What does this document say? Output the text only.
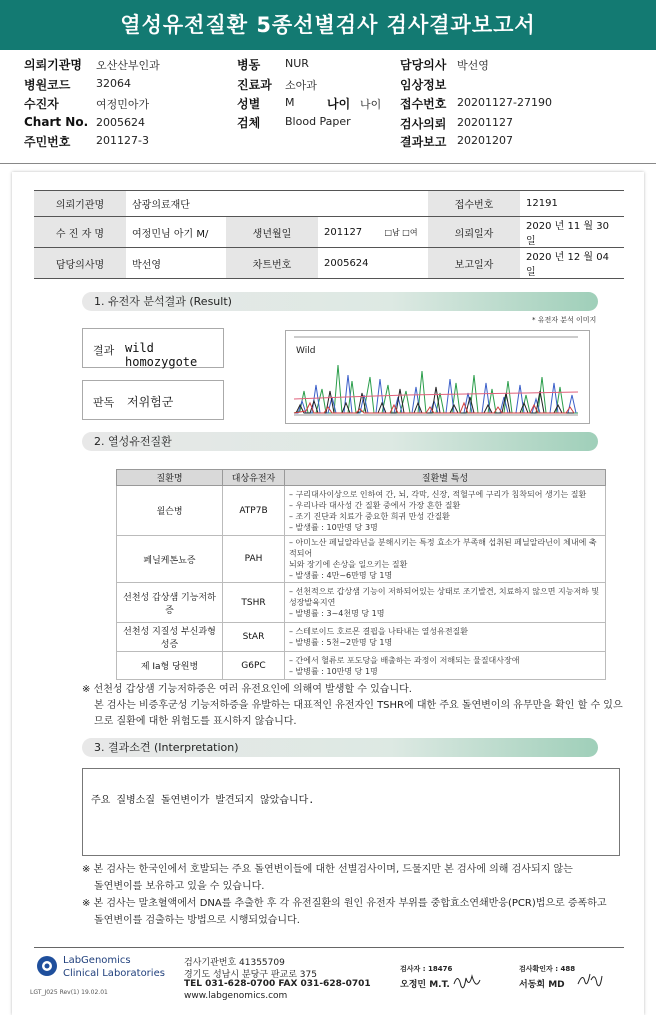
열성유전질환 5종선별검사 검사결과보고서
의뢰기관명 오산산부인과
병원코드 32064
수진자	여정민아가
Chart No. 2005624
주민번호 201127-3
병동 NUR
진료과 소아과
성별 M	나이 나이
검체 Blood Paper
담당의사 박선영
임상정보
접수번호 20201127-27190
검사의뢰 20201127
결과보고 20201207
의뢰기관명	삼광의료재단			접수번호	12191
수 진 자 명	여정민님 아기 M/	생년월일	201127 □남 □여	의뢰일자	2020 년 11 월 30 일
담당의사명	박선영	차트번호	2005624	보고일자	2020 년 12 월 04 일
1. 유전자 분석결과 (Result)
결과 wild homozygote
판독 저위험군
* 유전자 분석 이미지
Wild
2. 열성유전질환
질환명	대상유전자	질환별 특성
윌슨병	ATP7B	– 구리대사이상으로 인하여 간, 뇌, 각막, 신장, 적혈구에 구리가 침착되어 생기는 질환
– 우리나라 대사성 간 질환 중에서 가장 흔한 질환
– 조기 진단과 치료가 중요한 희귀 만성 간질환
– 발생률 : 10만명 당 3명

페닐케톤뇨증	PAH	– 아미노산 페닐알라닌을 분해시키는 특정 효소가 부족해 섭취된 페닐알라닌이 체내에 축적되어
뇌와 장기에 손상을 일으키는 질환
– 발생률 : 4만~6만명 당 1명

선천성 갑상샘 기능저하증	TSHR	– 선천적으로 갑상샘 기능이 저하되어있는 상태로 조기발견, 치료하지 않으면 지능저하 및
성장발육지연
– 발병률 : 3~4천명 당 1명

선천성 지질성 부신과형성증	StAR	– 스테로이드 호르몬 결핍을 나타내는 열성유전질환
– 발병률 : 5천~2만명 당 1명

제 Ia형 당원병	G6PC	– 간에서 혈류로 포도당을 배출하는 과정이 저해되는 물질대사장애
– 발병률 : 10만명 당 1명
※ 선천성 갑상샘 기능저하증은 여러 유전요인에 의해여 발생할 수 있습니다.
본 검사는 비증후군성 기능저하증을 유발하는 대표적인 유전자인 TSHR에 대한 주요 돌연변이의 유무만을 확인 할 수 있으
므로 질환에 대한 위험도를 표시하지 않습니다.
3. 결과소견 (Interpretation)
주요 질병소질 돌연변이가 발견되지 않았습니다.
※ 본 검사는 한국인에서 호발되는 주요 돌연변이들에 대한 선별검사이며, 드물지만 본 검사에 의해 검사되지 않는
돌연변이를 보유하고 있을 수 있습니다.
※ 본 검사는 말초혈액에서 DNA를 추출한 후 각 유전질환의 원인 유전자 부위를 중합효소연쇄반응(PCR)법으로 증폭하고
돌연변이를 검출하는 방법으로 시행되었습니다.
LabGenomics
Clinical Laboratories
검사기관번호 41355709
경기도 성남시 분당구 판교로 375
TEL 031-628-0700 FAX 031-628-0701
www.labgenomics.com
LGT_J025 Rev(1) 19.02.01
검사자 : 18476
오정민 M.T.
검사확인자 : 488
서동희 MD
